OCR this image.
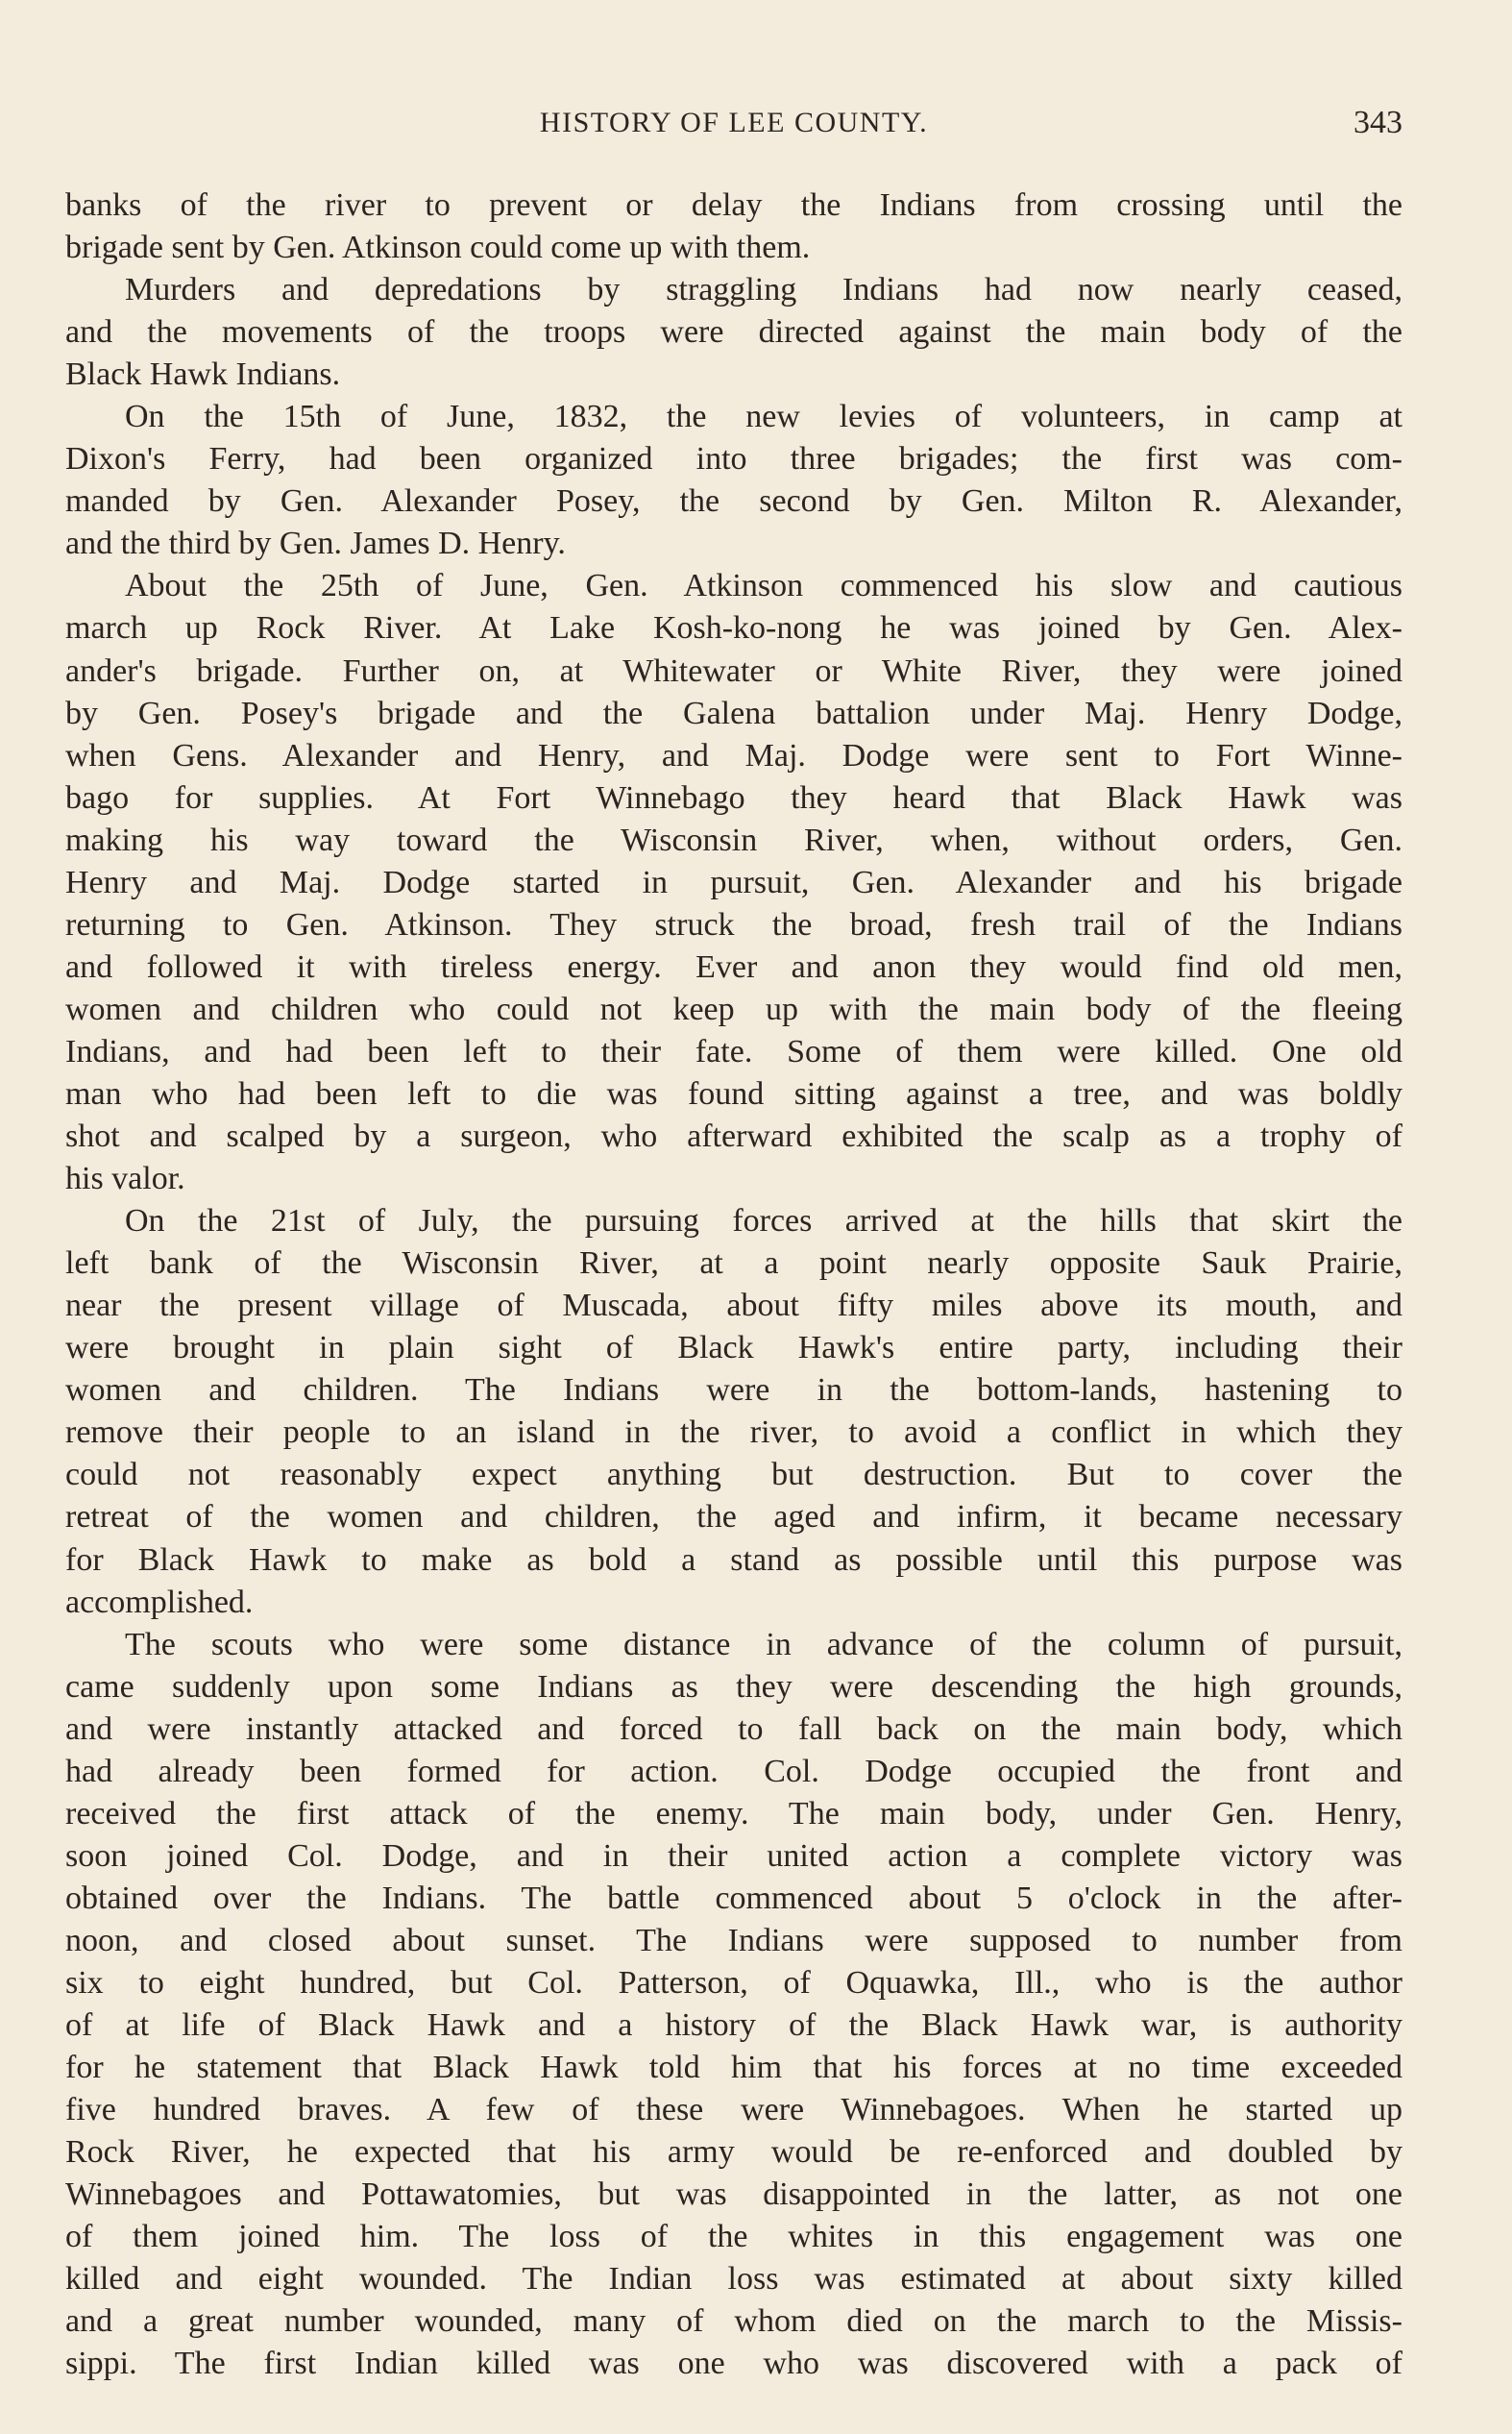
HISTORY OF LEE COUNTY.	343
banks of the river to prevent or delay the Indians from crossing until the
brigade sent by Gen. Atkinson could come up with them.
Murders and depredations by straggling Indians had now nearly ceased,
and the movements of the troops were directed against the main body of the
Black Hawk Indians.
On the 15th of June, 1832, the new levies of volunteers, in camp at
Dixon's Ferry, had been organized into three brigades; the first was com-
manded by Gen. Alexander Posey, the second by Gen. Milton R. Alexander,
and the third by Gen. James D. Henry.
About the 25th of June, Gen. Atkinson commenced his slow and cautious
march up Rock River. At Lake Kosh-ko-nong he was joined by Gen. Alex-
ander's brigade. Further on, at Whitewater or White River, they were joined
by Gen. Posey's brigade and the Galena battalion under Maj. Henry Dodge,
when Gens. Alexander and Henry, and Maj. Dodge were sent to Fort Winne-
bago for supplies. At Fort Winnebago they heard that Black Hawk was
making his way toward the Wisconsin River, when, without orders, Gen.
Henry and Maj. Dodge started in pursuit, Gen. Alexander and his brigade
returning to Gen. Atkinson. They struck the broad, fresh trail of the Indians
and followed it with tireless energy. Ever and anon they would find old men,
women and children who could not keep up with the main body of the fleeing
Indians, and had been left to their fate. Some of them were killed. One old
man who had been left to die was found sitting against a tree, and was boldly
shot and scalped by a surgeon, who afterward exhibited the scalp as a trophy of
his valor.
On the 21st of July, the pursuing forces arrived at the hills that skirt the
left bank of the Wisconsin River, at a point nearly opposite Sauk Prairie,
near the present village of Muscada, about fifty miles above its mouth, and
were brought in plain sight of Black Hawk's entire party, including their
women and children. The Indians were in the bottom-lands, hastening to
remove their people to an island in the river, to avoid a conflict in which they
could not reasonably expect anything but destruction. But to cover the
retreat of the women and children, the aged and infirm, it became necessary
for Black Hawk to make as bold a stand as possible until this purpose was
accomplished.
The scouts who were some distance in advance of the column of pursuit,
came suddenly upon some Indians as they were descending the high grounds,
and were instantly attacked and forced to fall back on the main body, which
had already been formed for action. Col. Dodge occupied the front and
received the first attack of the enemy. The main body, under Gen. Henry,
soon joined Col. Dodge, and in their united action a complete victory was
obtained over the Indians. The battle commenced about 5 o'clock in the after-
noon, and closed about sunset. The Indians were supposed to number from
six to eight hundred, but Col. Patterson, of Oquawka, Ill., who is the author
of at life of Black Hawk and a history of the Black Hawk war, is authority
for he statement that Black Hawk told him that his forces at no time exceeded
five hundred braves. A few of these were Winnebagoes. When he started up
Rock River, he expected that his army would be re-enforced and doubled by
Winnebagoes and Pottawatomies, but was disappointed in the latter, as not one
of them joined him. The loss of the whites in this engagement was one
killed and eight wounded. The Indian loss was estimated at about sixty killed
and a great number wounded, many of whom died on the march to the Missis-
sippi. The first Indian killed was one who was discovered with a pack of
